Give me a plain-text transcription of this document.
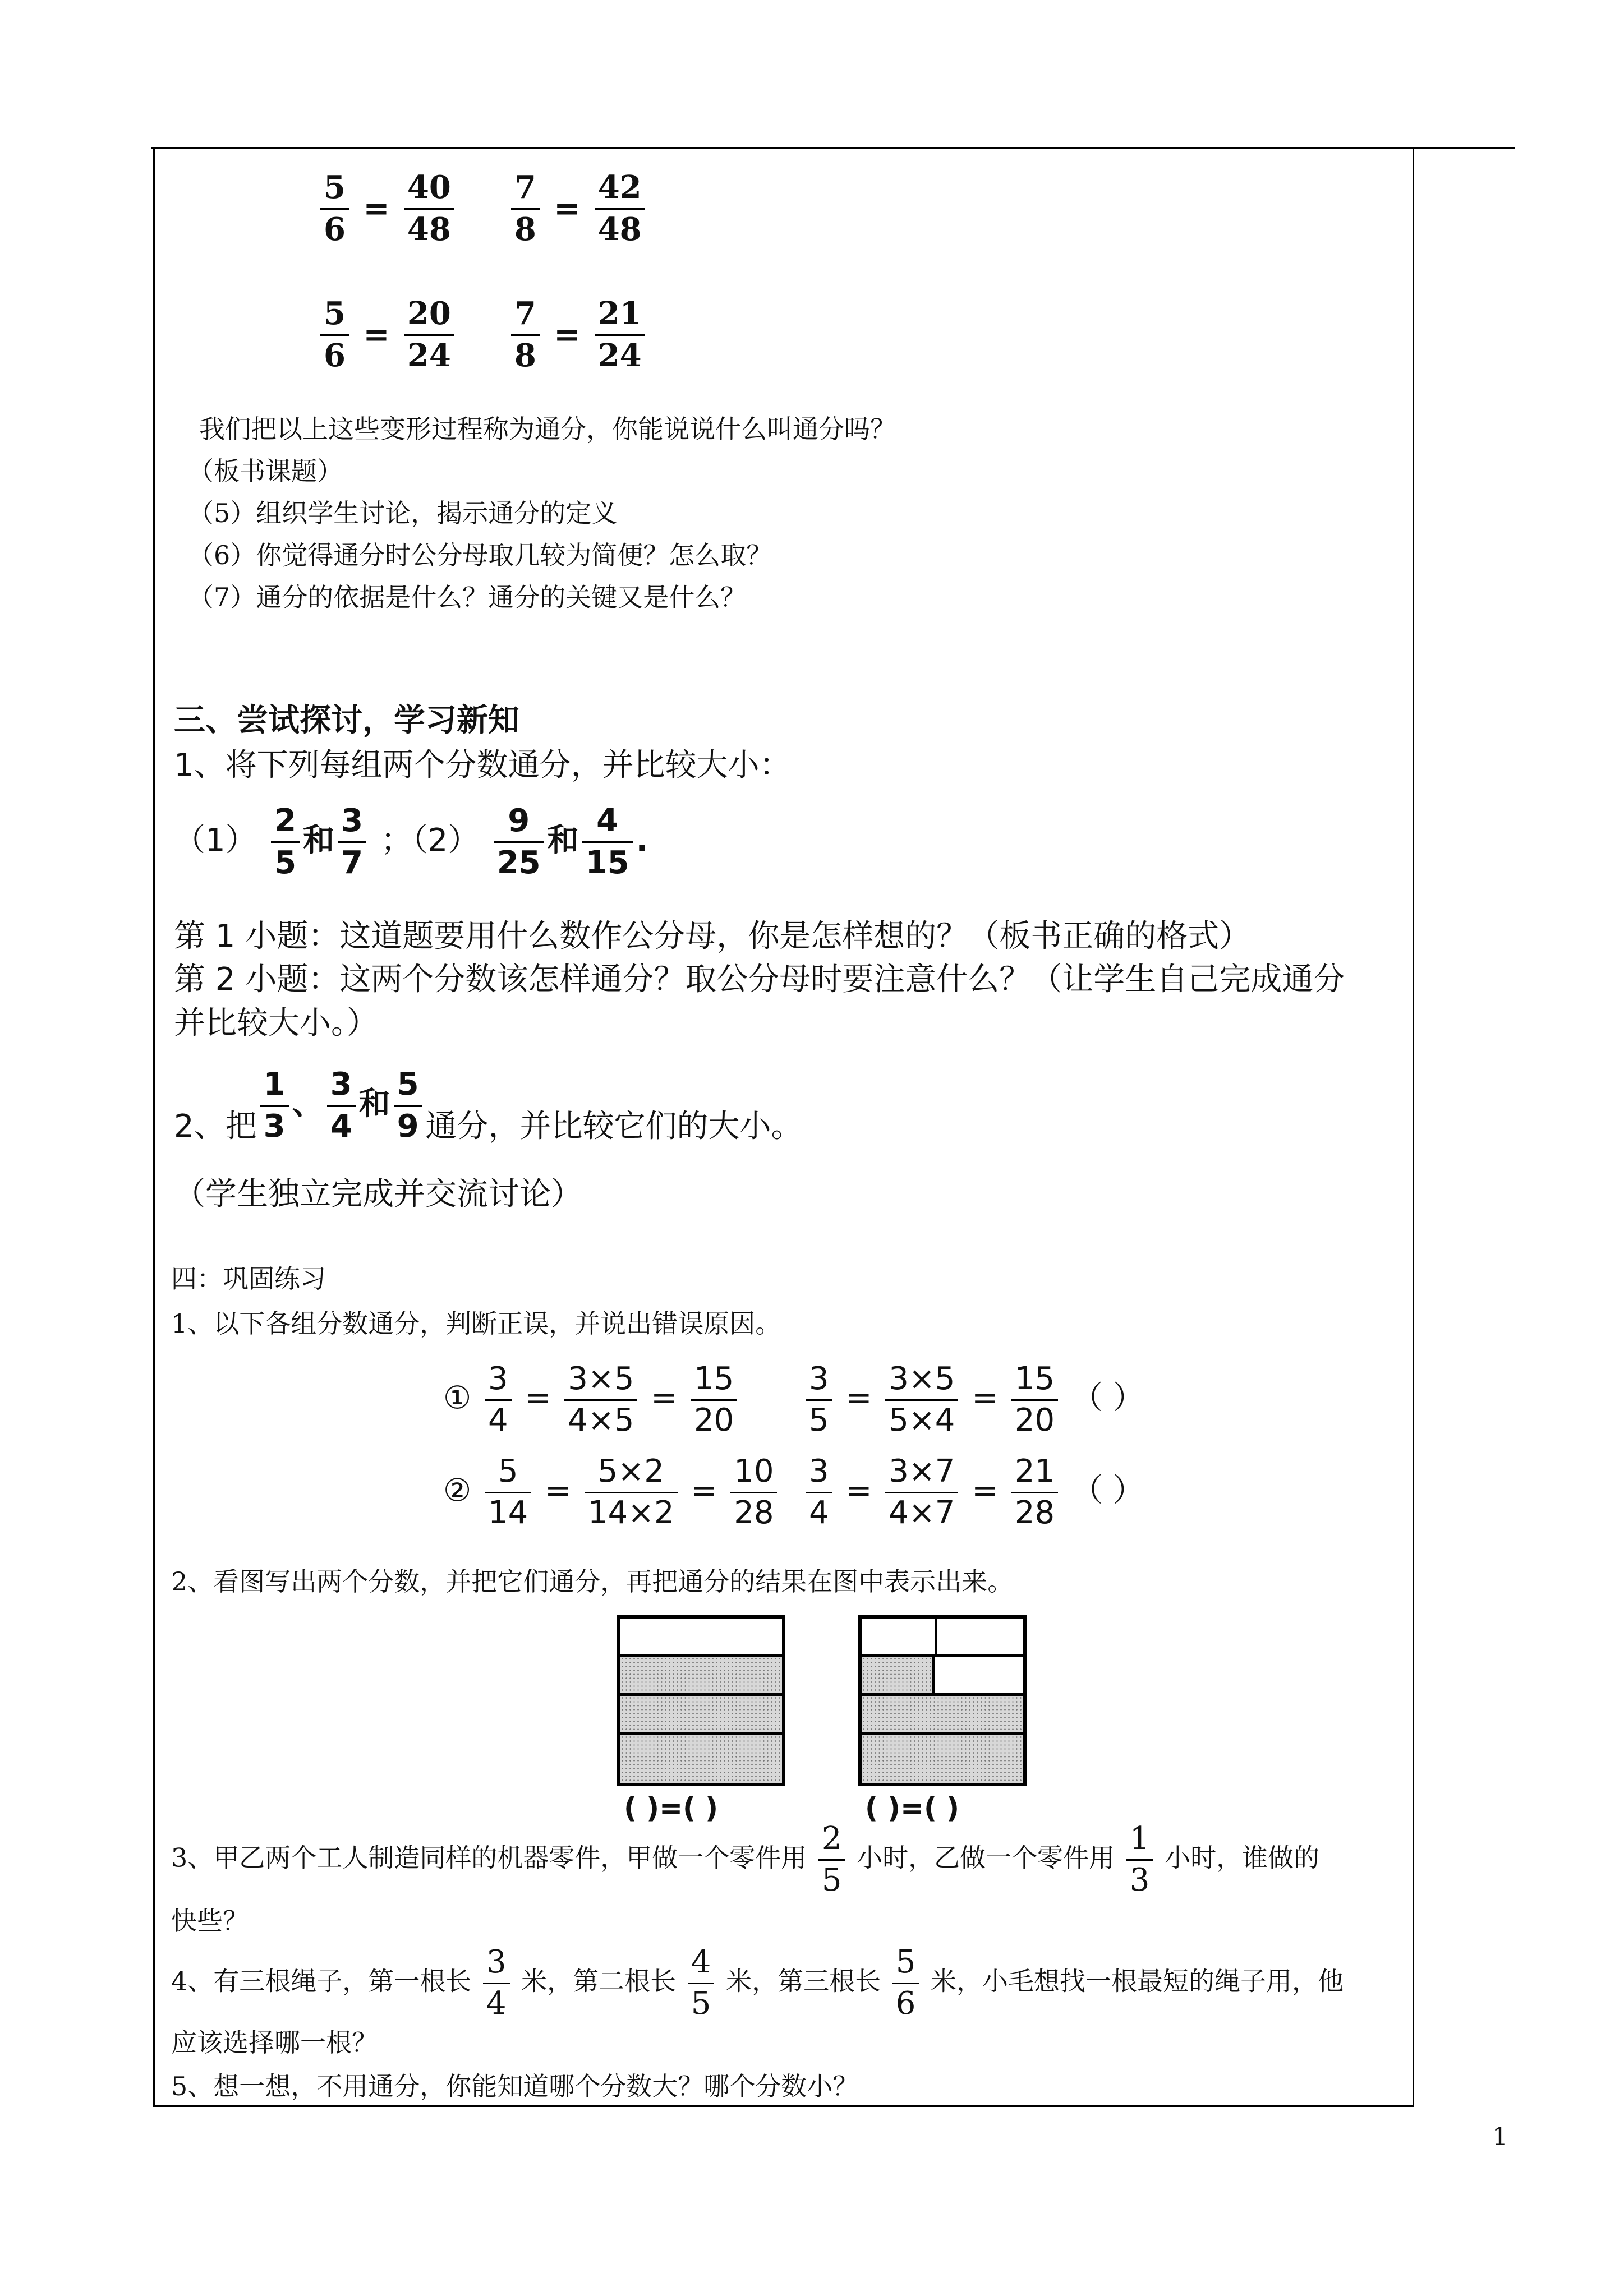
$\frac{5}{6} = \frac{40}{48}$
$\frac{7}{8} = \frac{42}{48}$
$\frac{5}{6} = \frac{20}{24}$
$\frac{7}{8} = \frac{21}{24}$
我们把以上这些变形过程称为通分，你能说说什么叫通分吗？
（板书课题）
（5）组织学生讨论，揭示通分的定义
（6）你觉得通分时公分母取几较为简便？怎么取？
（7）通分的依据是什么？通分的关键又是什么？
三、尝试探讨，学习新知
1、将下列每组两个分数通分，并比较大小：
$(1) \frac{2}{5}$ 和 $\frac{3}{7}$ ；$(2) \frac{9}{25}$ 和 $\frac{4}{15}$ .
第 1 小题：这道题要用什么数作公分母，你是怎样想的？（板书正确的格式）
第 2 小题：这两个分数该怎样通分？取公分母时要注意什么？（让学生自己完成通分
并比较大小。）
2、把 $\frac{1}{3}$ 、 $\frac{3}{4}$ 和 $\frac{5}{9}$ 通分，并比较它们的大小。
（学生独立完成并交流讨论）
四：巩固练习
1、以下各组分数通分，判断正误，并说出错误原因。
① $\frac{3}{4} = \frac{3\times 5}{4\times 5} = \frac{15}{20} \frac{3}{5} = \frac{3\times 5}{5\times 4} = \frac{15}{20}$ （ ）
② $\frac{5}{14} = \frac{5\times 2}{14\times 2} = \frac{10}{28} \frac{3}{4} = \frac{3\times 7}{4\times 7} = \frac{21}{28}$ （ ）
2、看图写出两个分数，并把它们通分，再把通分的结果在图中表示出来。
( )=( )	( )=( )
3、甲乙两个工人制造同样的机器零件，甲做一个零件用 $\frac{2}{5}$ 小时，乙做一个零件用 $\frac{1}{3}$ 小时，谁做的
快些？
4、有三根绳子，第一根长 $\frac{3}{4}$ 米，第二根长 $\frac{4}{5}$ 米，第三根长 $\frac{5}{6}$ 米，小毛想找一根最短的绳子用，他
应该选择哪一根？
5、想一想，不用通分，你能知道哪个分数大？哪个分数小？
1
